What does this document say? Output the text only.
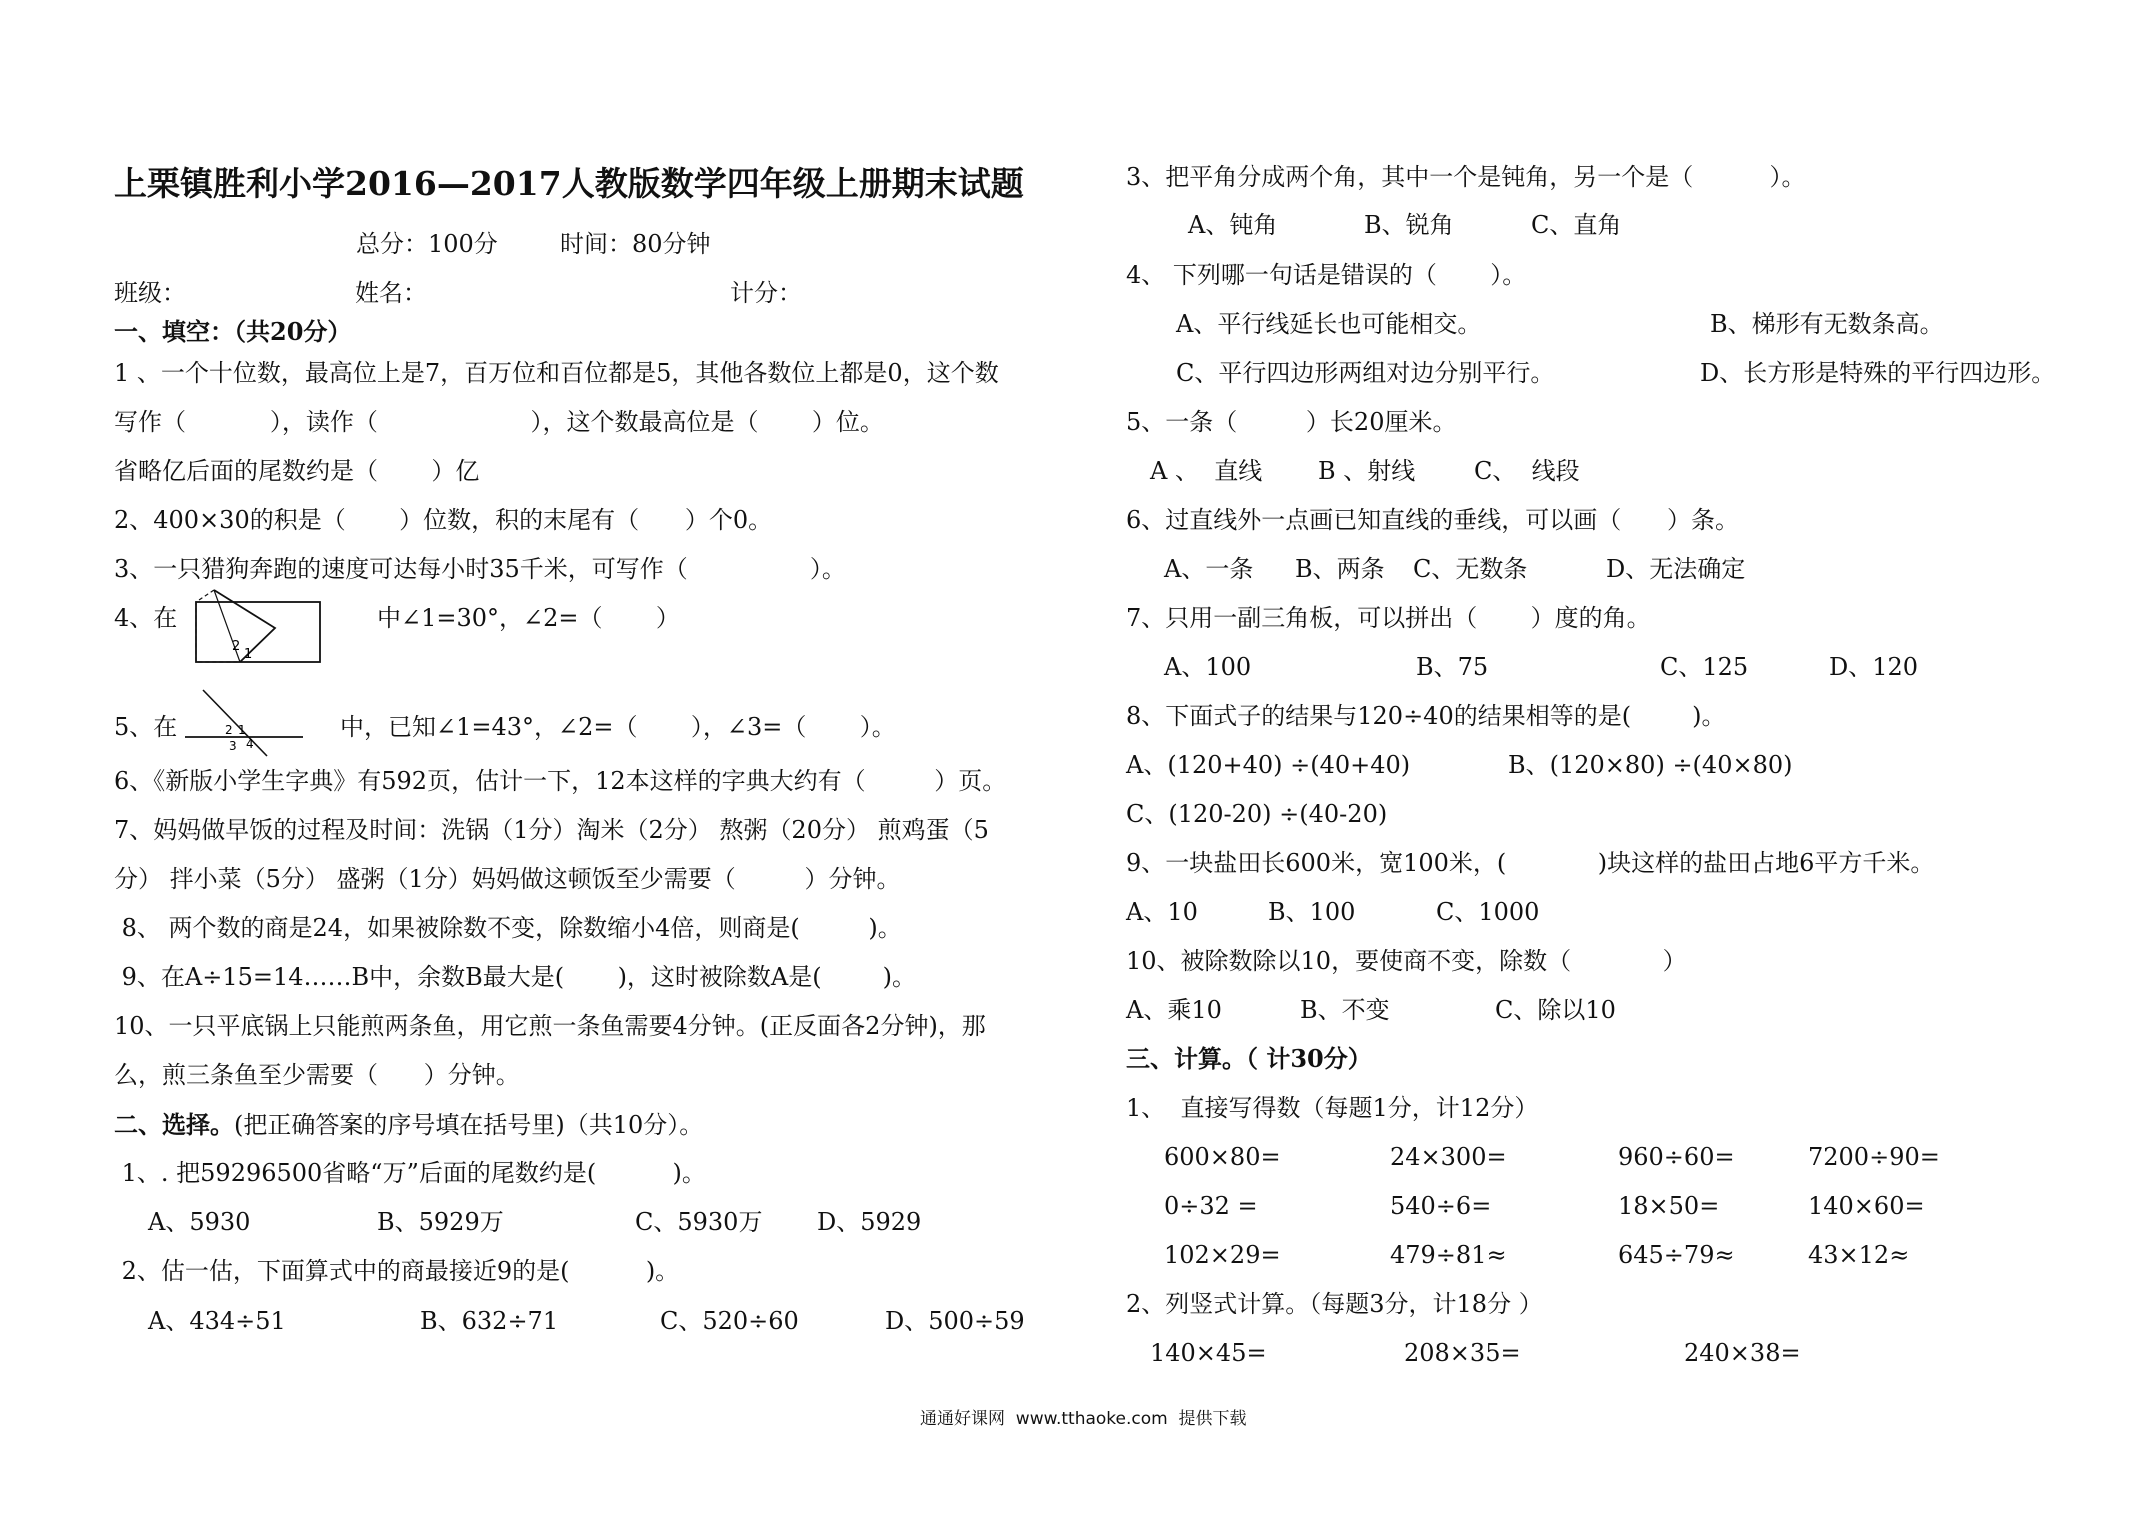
上栗镇胜利小学2016—2017人教版数学四年级上册期末试题
总分：100分	时间：80分钟
班级：	姓名：	计分：
一、填空：（共20分）
1 、一个十位数，最高位上是7，百万位和百位都是5，其他各数位上都是0，这个数
写作（           ），读作（                    ），这个数最高位是（       ）位。
省略亿后面的尾数约是（       ）亿
2、400×30的积是（       ）位数，积的末尾有（      ）个0。
3、一只猎狗奔跑的速度可达每小时35千米，可写作（                ）。
4、在
2
1
中∠1=30°，∠2=（       ）
5、在	2 1
3 4
中，已知∠1=43°，∠2=（       ），∠3=（       ）。
6、《新版小学生字典》有592页，估计一下，12本这样的字典大约有（         ）页。
7、妈妈做早饭的过程及时间：洗锅（1分）淘米（2分） 熬粥（20分） 煎鸡蛋（5
分） 拌小菜（5分） 盛粥（1分）妈妈做这顿饭至少需要（         ）分钟。
8、 两个数的商是24，如果被除数不变，除数缩小4倍，则商是(         )。
9、在A÷15=14……B中，余数B最大是(       )，这时被除数A是(        )。
10、一只平底锅上只能煎两条鱼，用它煎一条鱼需要4分钟。(正反面各2分钟)，那
么，煎三条鱼至少需要（      ）分钟。
二、选择。(把正确答案的序号填在括号里)（共10分）。
1、. 把59296500省略“万”后面的尾数约是(          )。
A、5930	B、5929万	C、5930万 D、5929
2、估一估，下面算式中的商最接近9的是(          )。
A、434÷51	B、632÷71	C、520÷60	D、500÷59
3、把平角分成两个角，其中一个是钝角，另一个是（          ）。
A、钝角	B、锐角	C、直角
4、 下列哪一句话是错误的（       ）。
A、平行线延长也可能相交。	B、梯形有无数条高。
C、平行四边形两组对边分别平行。	D、长方形是特殊的平行四边形。
5、一条（         ）长20厘米。
A 、  直线 B 、射线 C、  线段
6、过直线外一点画已知直线的垂线，可以画（      ）条。
A、一条 B、两条 C、无数条	D、无法确定
7、只用一副三角板，可以拼出（       ）度的角。
A、100	B、75	C、125	D、120
8、下面式子的结果与120÷40的结果相等的是(        )。
A、(120+40) ÷(40+40)	B、(120×80) ÷(40×80)
C、(120-20) ÷(40-20)
9、一块盐田长600米，宽100米，(            )块这样的盐田占地6平方千米。
A、10	B、100	C、1000
10、被除数除以10，要使商不变，除数（            ）
A、乘10	B、不变	C、除以10
三、计算。（ 计30分）
1、  直接写得数（每题1分，计12分）
600×80=	24×300=	960÷60=	7200÷90=
0÷32 =	540÷6=	18×50=	140×60=
102×29=	479÷81≈	645÷79≈	43×12≈
2、列竖式计算。（每题3分，计18分 ）
140×45=	208×35=	240×38=
通通好课网  www.tthaoke.com  提供下载
